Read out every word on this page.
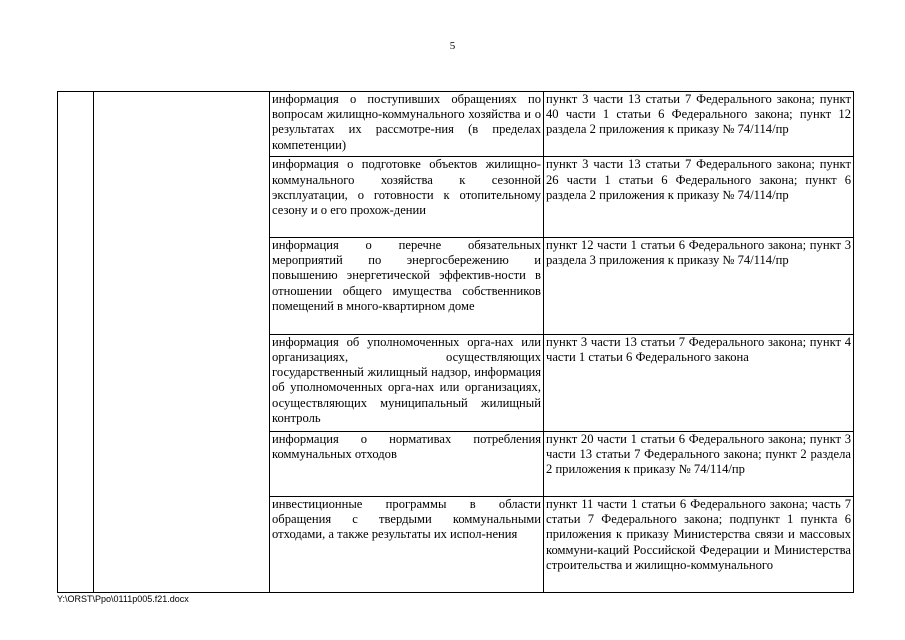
5
		информация о поступивших обращениях по вопросам жилищно-коммунального хозяйства и о результатах их рассмотре-ния (в пределах компетенции)	пункт 3 части 13 статьи 7 Федерального закона; пункт 40 части 1 статьи 6 Федерального закона; пункт 12 раздела 2 приложения к приказу № 74/114/пр
		информация о подготовке объектов жилищно-коммунального хозяйства к сезонной эксплуатации, о готовности к отопительному сезону и о его прохож-дении	пункт 3 части 13 статьи 7 Федерального закона; пункт 26 части 1 статьи 6 Федерального закона; пункт 6 раздела 2 приложения к приказу № 74/114/пр
		информация о перечне обязательных мероприятий по энергосбережению и повышению энергетической эффектив-ности в отношении общего имущества собственников помещений в много-квартирном доме	пункт 12 части 1 статьи 6 Федерального закона; пункт 3 раздела 3 приложения к приказу № 74/114/пр
		информация об уполномоченных орга-нах или организациях, осуществляющих государственный жилищный надзор, информация об уполномоченных орга-нах или организациях, осуществляющих муниципальный жилищный контроль	пункт 3 части 13 статьи 7 Федерального закона; пункт 4 части 1 статьи 6 Федерального закона
		информация о нормативах потребления коммунальных отходов	пункт 20 части 1 статьи 6 Федерального закона; пункт 3 части 13 статьи 7 Федерального закона; пункт 2 раздела 2 приложения к приказу № 74/114/пр
		инвестиционные программы в области обращения с твердыми коммунальными отходами, а также результаты их испол-нения	пункт 11 части 1 статьи 6 Федерального закона; часть 7 статьи 7 Федерального закона; подпункт 1 пункта 6 приложения к приказу Министерства связи и массовых коммуни-каций Российской Федерации и Министерства строительства и жилищно-коммунального
Y:\ORST\Ppo\0111p005.f21.docx
